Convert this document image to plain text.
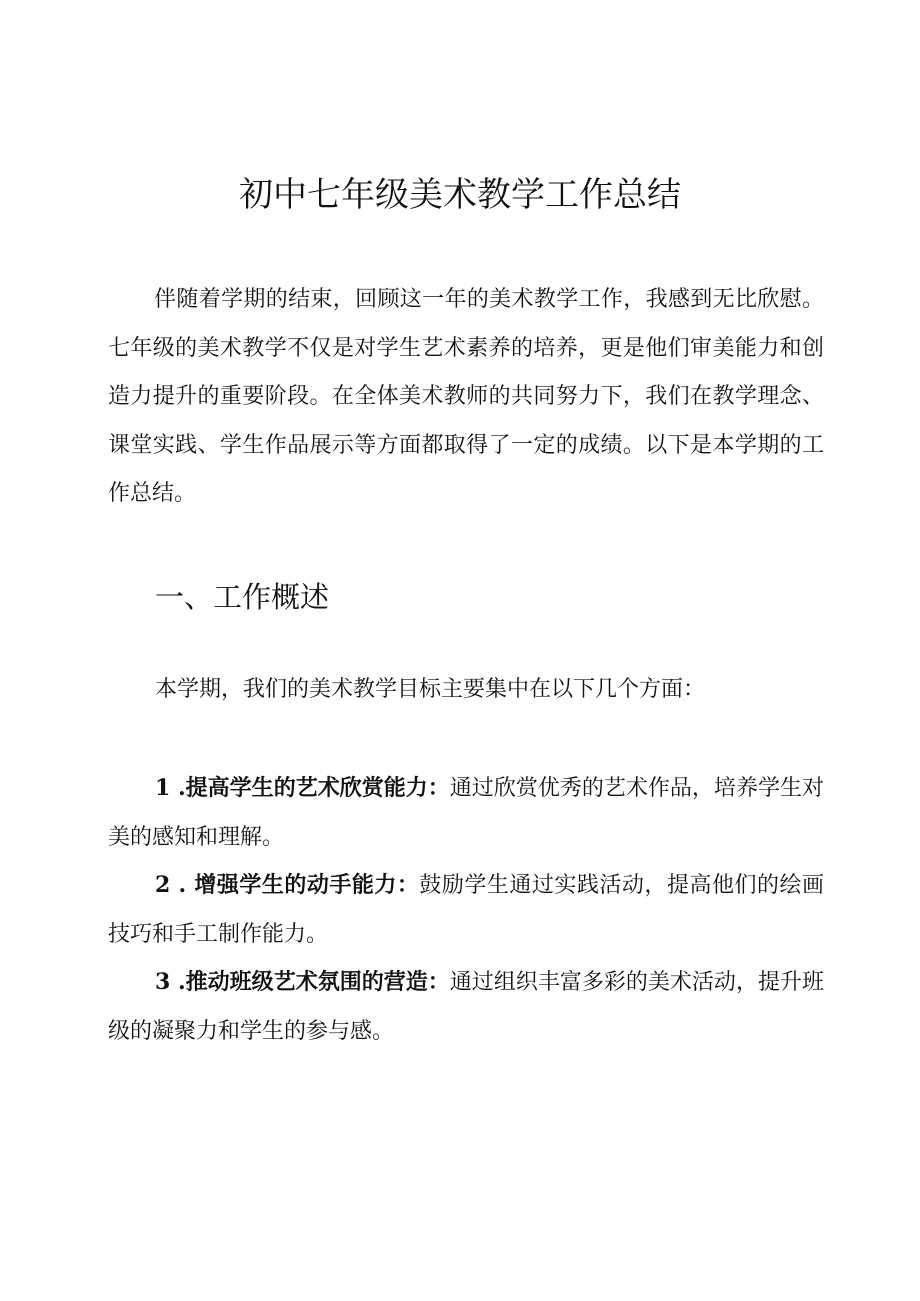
初中七年级美术教学工作总结

伴随着学期的结束，回顾这一年的美术教学工作，我感到无比欣慰。七年级的美术教学不仅是对学生艺术素养的培养，更是他们审美能力和创造力提升的重要阶段。在全体美术教师的共同努力下，我们在教学理念、课堂实践、学生作品展示等方面都取得了一定的成绩。以下是本学期的工作总结。

一、工作概述

本学期，我们的美术教学目标主要集中在以下几个方面：

1 .提高学生的艺术欣赏能力：通过欣赏优秀的艺术作品，培养学生对美的感知和理解。

2 . 增强学生的动手能力：鼓励学生通过实践活动，提高他们的绘画技巧和手工制作能力。

3 .推动班级艺术氛围的营造：通过组织丰富多彩的美术活动，提升班级的凝聚力和学生的参与感。
